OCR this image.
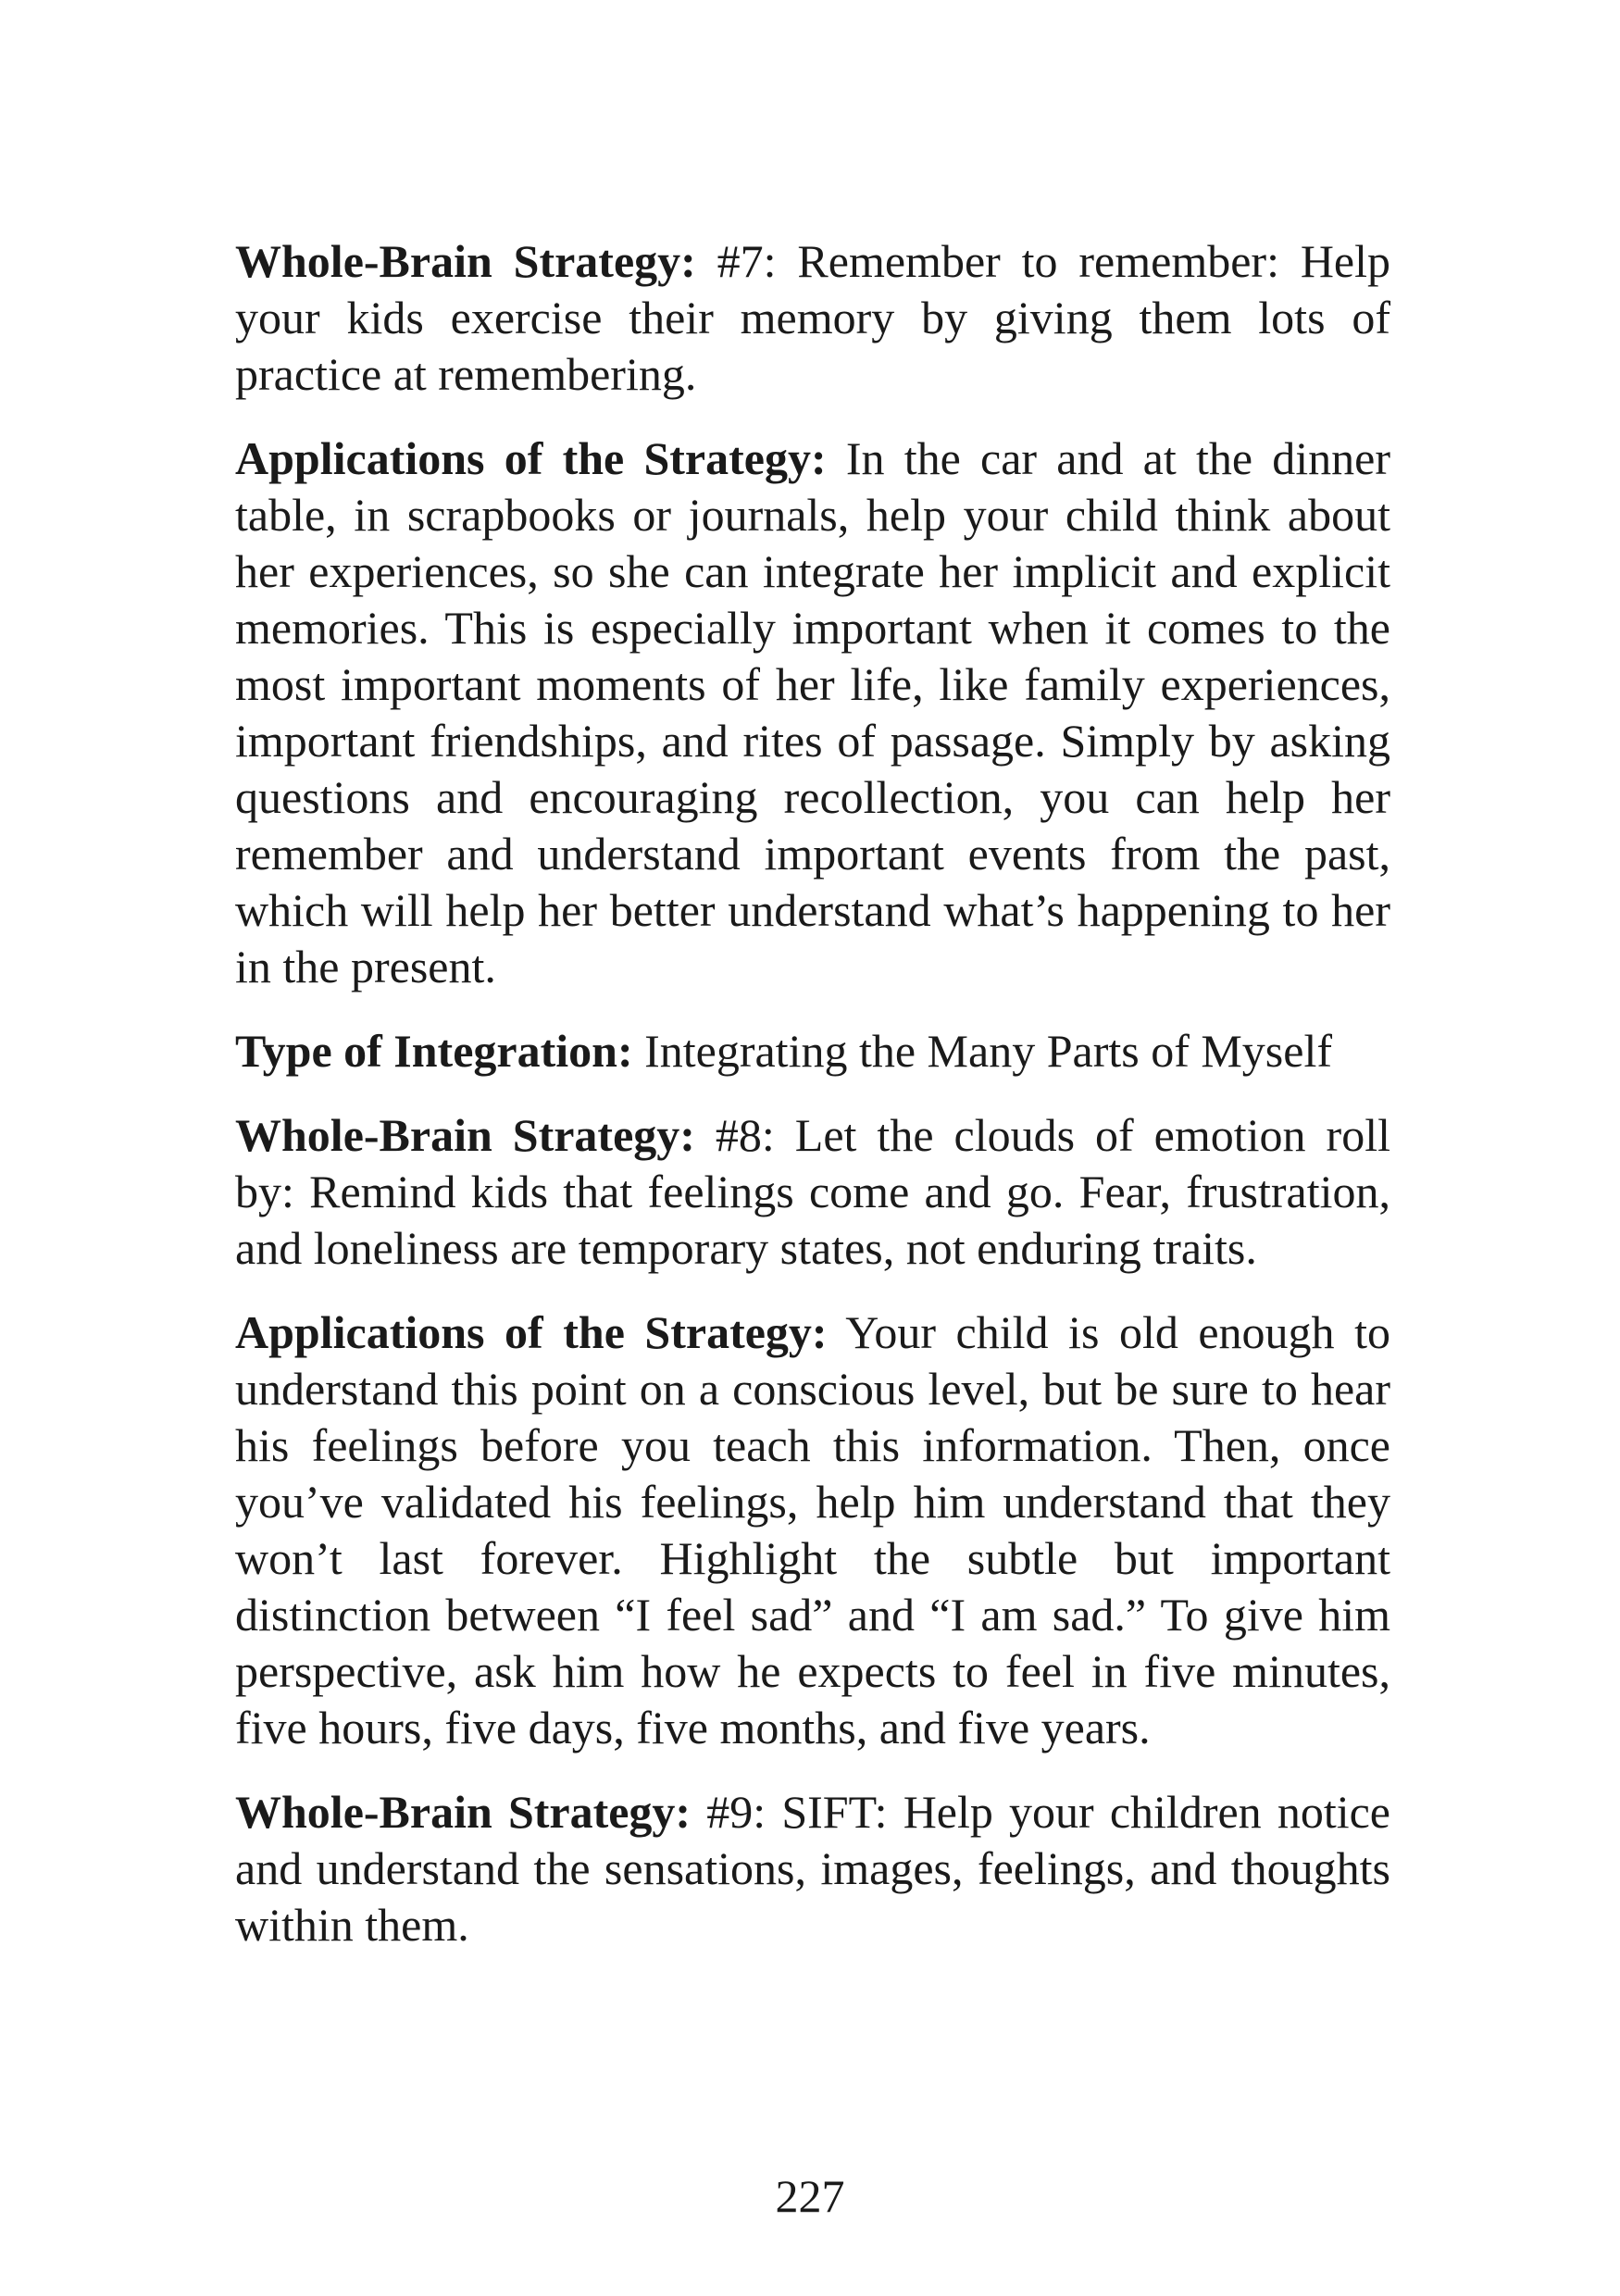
Whole-Brain Strategy: #7: Remember to remember: Help your kids exercise their memory by giving them lots of practice at remembering.

Applications of the Strategy: In the car and at the dinner table, in scrapbooks or journals, help your child think about her experiences, so she can integrate her implicit and explicit memories. This is especially important when it comes to the most important moments of her life, like family experiences, important friendships, and rites of passage. Simply by asking questions and encouraging recollection, you can help her remember and understand important events from the past, which will help her better understand what’s happening to her in the present.

Type of Integration: Integrating the Many Parts of Myself

Whole-Brain Strategy: #8: Let the clouds of emotion roll by: Remind kids that feelings come and go. Fear, frustration, and loneliness are temporary states, not enduring traits.

Applications of the Strategy: Your child is old enough to understand this point on a conscious level, but be sure to hear his feelings before you teach this information. Then, once you’ve validated his feelings, help him understand that they won’t last forever. Highlight the subtle but important distinction between “I feel sad” and “I am sad.” To give him perspective, ask him how he expects to feel in five minutes, five hours, five days, five months, and five years.

Whole-Brain Strategy: #9: SIFT: Help your children notice and understand the sensations, images, feelings, and thoughts within them.

227
